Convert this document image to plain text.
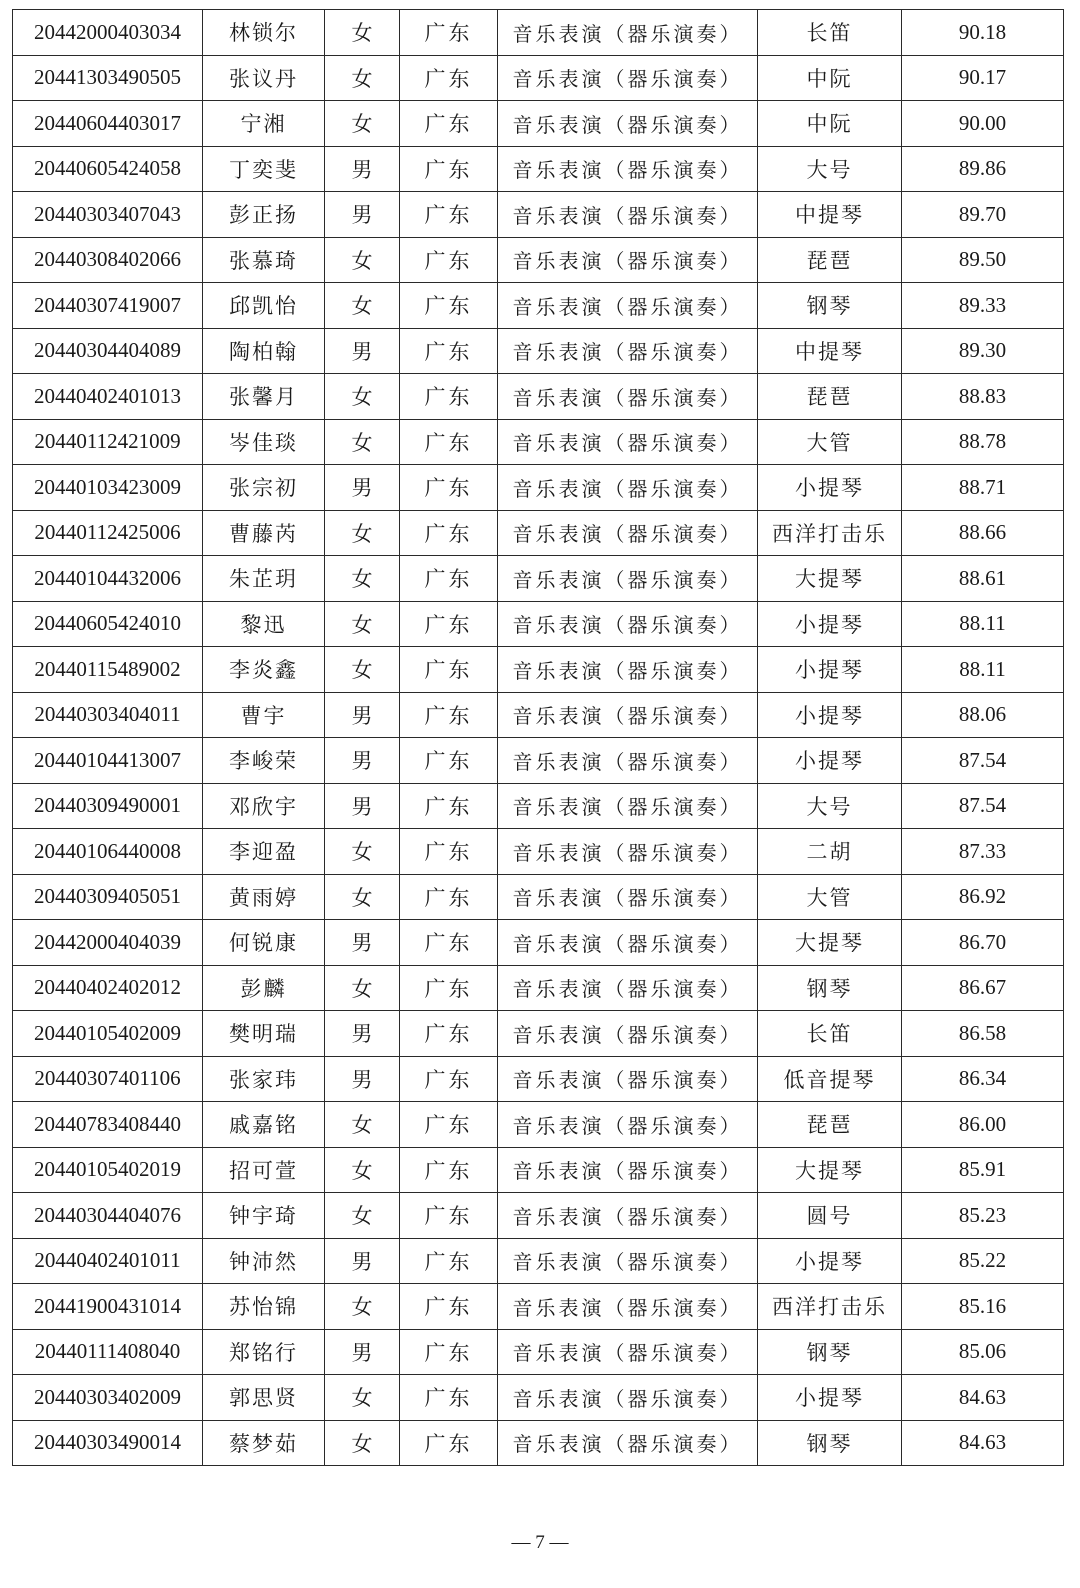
20442000403034	林锁尔	女	广东	音乐表演（器乐演奏）	长笛	90.18
20441303490505	张议丹	女	广东	音乐表演（器乐演奏）	中阮	90.17
20440604403017	宁湘	女	广东	音乐表演（器乐演奏）	中阮	90.00
20440605424058	丁奕斐	男	广东	音乐表演（器乐演奏）	大号	89.86
20440303407043	彭正扬	男	广东	音乐表演（器乐演奏）	中提琴	89.70
20440308402066	张慕琦	女	广东	音乐表演（器乐演奏）	琵琶	89.50
20440307419007	邱凯怡	女	广东	音乐表演（器乐演奏）	钢琴	89.33
20440304404089	陶柏翰	男	广东	音乐表演（器乐演奏）	中提琴	89.30
20440402401013	张馨月	女	广东	音乐表演（器乐演奏）	琵琶	88.83
20440112421009	岑佳琰	女	广东	音乐表演（器乐演奏）	大管	88.78
20440103423009	张宗初	男	广东	音乐表演（器乐演奏）	小提琴	88.71
20440112425006	曹藤芮	女	广东	音乐表演（器乐演奏）	西洋打击乐	88.66
20440104432006	朱芷玥	女	广东	音乐表演（器乐演奏）	大提琴	88.61
20440605424010	黎迅	女	广东	音乐表演（器乐演奏）	小提琴	88.11
20440115489002	李炎鑫	女	广东	音乐表演（器乐演奏）	小提琴	88.11
20440303404011	曹宇	男	广东	音乐表演（器乐演奏）	小提琴	88.06
20440104413007	李峻荣	男	广东	音乐表演（器乐演奏）	小提琴	87.54
20440309490001	邓欣宇	男	广东	音乐表演（器乐演奏）	大号	87.54
20440106440008	李迎盈	女	广东	音乐表演（器乐演奏）	二胡	87.33
20440309405051	黄雨婷	女	广东	音乐表演（器乐演奏）	大管	86.92
20442000404039	何锐康	男	广东	音乐表演（器乐演奏）	大提琴	86.70
20440402402012	彭麟	女	广东	音乐表演（器乐演奏）	钢琴	86.67
20440105402009	樊明瑞	男	广东	音乐表演（器乐演奏）	长笛	86.58
20440307401106	张家玮	男	广东	音乐表演（器乐演奏）	低音提琴	86.34
20440783408440	戚嘉铭	女	广东	音乐表演（器乐演奏）	琵琶	86.00
20440105402019	招可萱	女	广东	音乐表演（器乐演奏）	大提琴	85.91
20440304404076	钟宇琦	女	广东	音乐表演（器乐演奏）	圆号	85.23
20440402401011	钟沛然	男	广东	音乐表演（器乐演奏）	小提琴	85.22
20441900431014	苏怡锦	女	广东	音乐表演（器乐演奏）	西洋打击乐	85.16
20440111408040	郑铭行	男	广东	音乐表演（器乐演奏）	钢琴	85.06
20440303402009	郭思贤	女	广东	音乐表演（器乐演奏）	小提琴	84.63
20440303490014	蔡梦茹	女	广东	音乐表演（器乐演奏）	钢琴	84.63
— 7 —
